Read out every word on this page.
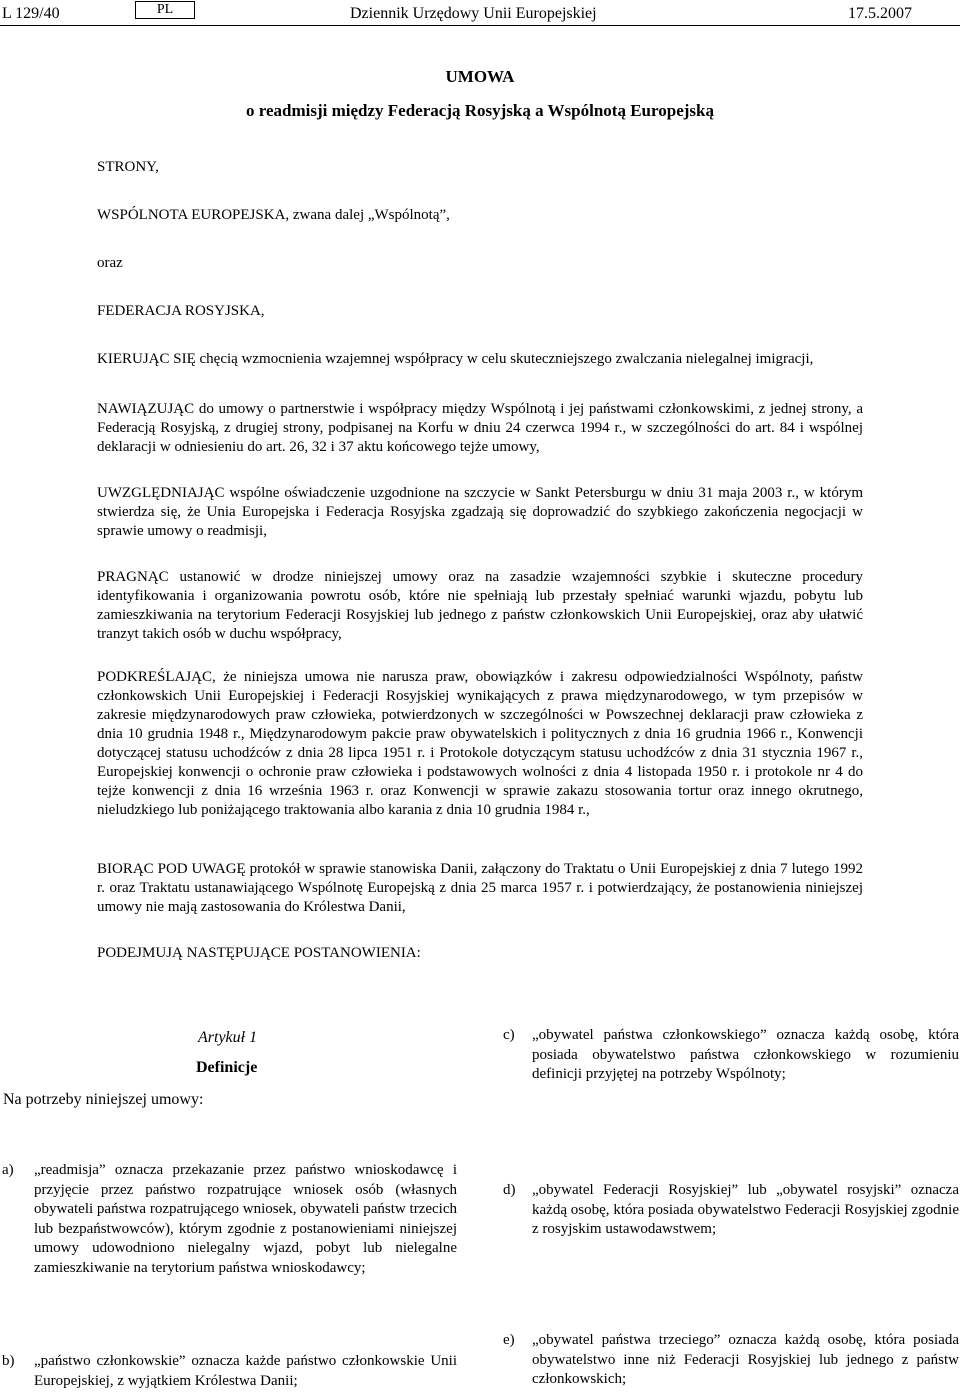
L 129/40	PL	Dziennik Urzędowy Unii Europejskiej	17.5.2007
UMOWA
o readmisji między Federacją Rosyjską a Wspólnotą Europejską
STRONY,
WSPÓLNOTA EUROPEJSKA, zwana dalej „Wspólnotą”,
oraz
FEDERACJA ROSYJSKA,
KIERUJĄC SIĘ chęcią wzmocnienia wzajemnej współpracy w celu skuteczniejszego zwalczania nielegalnej imigracji,
NAWIĄZUJĄC do umowy o partnerstwie i współpracy między Wspólnotą i jej państwami członkowskimi, z jednej strony, a Federacją Rosyjską, z drugiej strony, podpisanej na Korfu w dniu 24 czerwca 1994 r., w szczególności do art. 84 i wspólnej deklaracji w odniesieniu do art. 26, 32 i 37 aktu końcowego tejże umowy,
UWZGLĘDNIAJĄC wspólne oświadczenie uzgodnione na szczycie w Sankt Petersburgu w dniu 31 maja 2003 r., w którym stwierdza się, że Unia Europejska i Federacja Rosyjska zgadzają się doprowadzić do szybkiego zakończenia negocjacji w sprawie umowy o readmisji,
PRAGNĄC ustanowić w drodze niniejszej umowy oraz na zasadzie wzajemności szybkie i skuteczne procedury identyfikowania i organizowania powrotu osób, które nie spełniają lub przestały spełniać warunki wjazdu, pobytu lub zamieszkiwania na terytorium Federacji Rosyjskiej lub jednego z państw członkowskich Unii Europejskiej, oraz aby ułatwić tranzyt takich osób w duchu współpracy,
PODKREŚLAJĄC, że niniejsza umowa nie narusza praw, obowiązków i zakresu odpowiedzialności Wspólnoty, państw członkowskich Unii Europejskiej i Federacji Rosyjskiej wynikających z prawa międzynarodowego, w tym przepisów w zakresie międzynarodowych praw człowieka, potwierdzonych w szczególności w Powszechnej deklaracji praw człowieka z dnia 10 grudnia 1948 r., Międzynarodowym pakcie praw obywatelskich i politycznych z dnia 16 grudnia 1966 r., Konwencji dotyczącej statusu uchodźców z dnia 28 lipca 1951 r. i Protokole dotyczącym statusu uchodźców z dnia 31 stycznia 1967 r., Europejskiej konwencji o ochronie praw człowieka i podstawowych wolności z dnia 4 listopada 1950 r. i protokole nr 4 do tejże konwencji z dnia 16 września 1963 r. oraz Konwencji w sprawie zakazu stosowania tortur oraz innego okrutnego, nieludzkiego lub poniżającego traktowania albo karania z dnia 10 grudnia 1984 r.,
BIORĄC POD UWAGĘ protokół w sprawie stanowiska Danii, załączony do Traktatu o Unii Europejskiej z dnia 7 lutego 1992 r. oraz Traktatu ustanawiającego Wspólnotę Europejską z dnia 25 marca 1957 r. i potwierdzający, że postanowienia niniejszej umowy nie mają zastosowania do Królestwa Danii,
PODEJMUJĄ NASTĘPUJĄCE POSTANOWIENIA:
Artykuł 1
Definicje
Na potrzeby niniejszej umowy:
a) „readmisja” oznacza przekazanie przez państwo wnioskodawcę i przyjęcie przez państwo rozpatrujące wniosek osób (własnych obywateli państwa rozpatrującego wniosek, obywateli państw trzecich lub bezpaństwowców), którym zgodnie z postanowieniami niniejszej umowy udowodniono nielegalny wjazd, pobyt lub nielegalne zamieszkiwanie na terytorium państwa wnioskodawcy;
b) „państwo członkowskie” oznacza każde państwo członkowskie Unii Europejskiej, z wyjątkiem Królestwa Danii;
c) „obywatel państwa członkowskiego” oznacza każdą osobę, która posiada obywatelstwo państwa członkowskiego w rozumieniu definicji przyjętej na potrzeby Wspólnoty;
d) „obywatel Federacji Rosyjskiej” lub „obywatel rosyjski” oznacza każdą osobę, która posiada obywatelstwo Federacji Rosyjskiej zgodnie z rosyjskim ustawodawstwem;
e) „obywatel państwa trzeciego” oznacza każdą osobę, która posiada obywatelstwo inne niż Federacji Rosyjskiej lub jednego z państw członkowskich;
